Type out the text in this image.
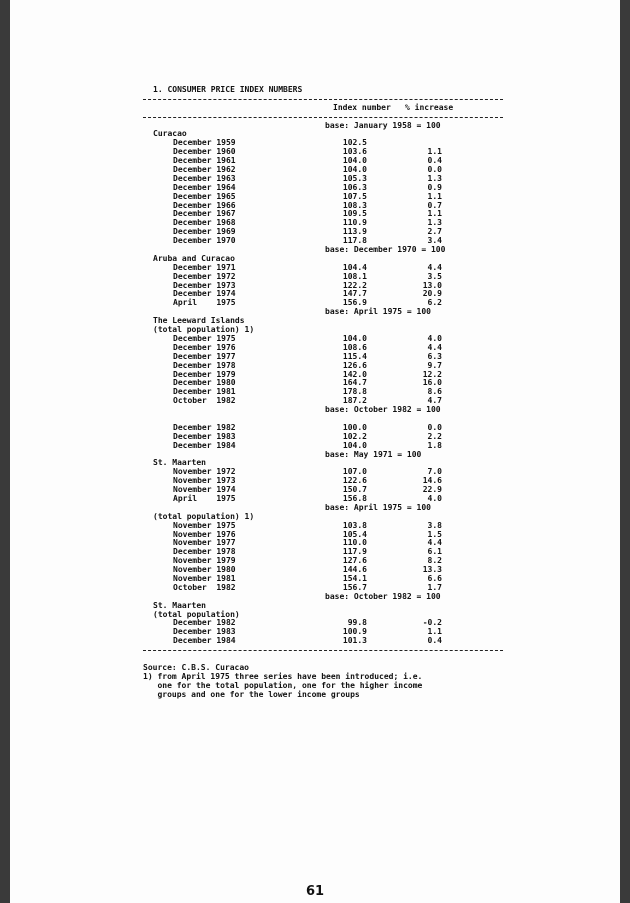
1. CONSUMER PRICE INDEX NUMBERS
Index number % increase
base: January 1958 = 100
Curacao
December 1959	102.5
December 1960	103.6	1.1
December 1961	104.0	0.4
December 1962	104.0	0.0
December 1963	105.3	1.3
December 1964	106.3	0.9
December 1965	107.5	1.1
December 1966	108.3	0.7
December 1967	109.5	1.1
December 1968	110.9	1.3
December 1969	113.9	2.7
December 1970	117.8	3.4
base: December 1970 = 100
Aruba and Curacao
December 1971	104.4	4.4
December 1972	108.1	3.5
December 1973	122.2	13.0
December 1974	147.7	20.9
April    1975	156.9	6.2
base: April 1975 = 100
The Leeward Islands
(total population) 1)
December 1975	104.0	4.0
December 1976	108.6	4.4
December 1977	115.4	6.3
December 1978	126.6	9.7
December 1979	142.0	12.2
December 1980	164.7	16.0
December 1981	178.8	8.6
October  1982	187.2	4.7
base: October 1982 = 100
December 1982	100.0	0.0
December 1983	102.2	2.2
December 1984	104.0	1.8
base: May 1971 = 100
St. Maarten
November 1972	107.0	7.0
November 1973	122.6	14.6
November 1974	150.7	22.9
April    1975	156.8	4.0
base: April 1975 = 100
(total population) 1)
November 1975	103.8	3.8
November 1976	105.4	1.5
November 1977	110.0	4.4
December 1978	117.9	6.1
November 1979	127.6	8.2
November 1980	144.6	13.3
November 1981	154.1	6.6
October  1982	156.7	1.7
base: October 1982 = 100
St. Maarten
(total population)
December 1982	99.8	-0.2
December 1983	100.9	1.1
December 1984	101.3	0.4
Source: C.B.S. Curacao
1) from April 1975 three series have been introduced; i.e.
one for the total population, one for the higher income
groups and one for the lower income groups
61
